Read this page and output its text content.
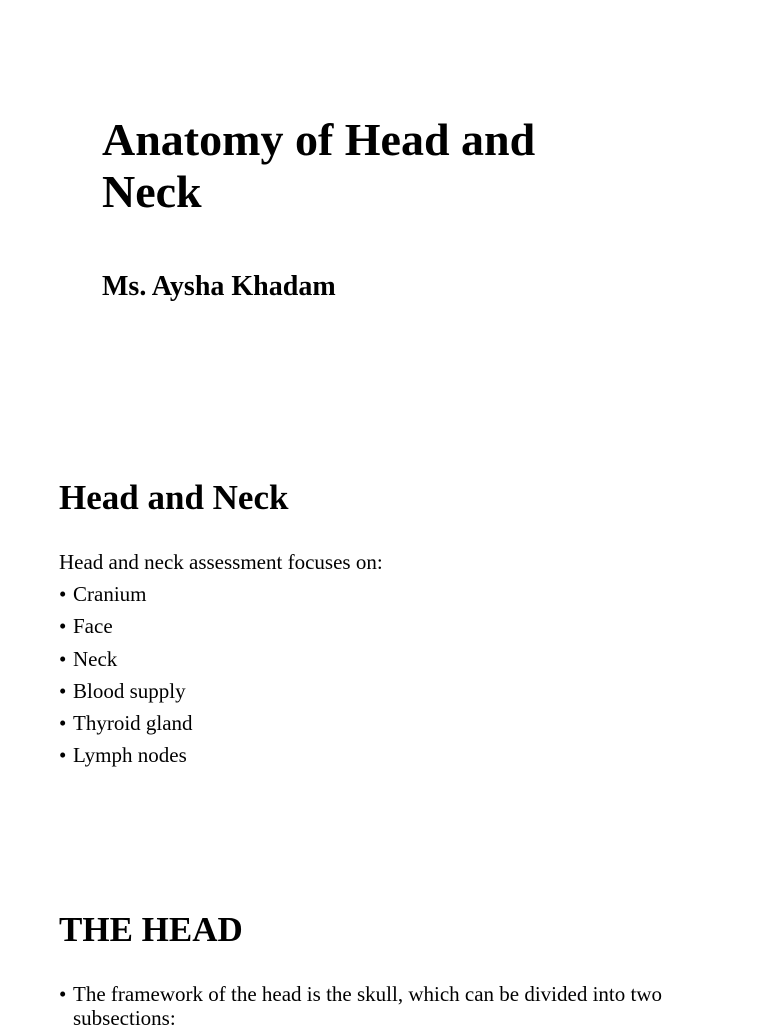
Anatomy of Head and Neck
Ms. Aysha Khadam
Head and Neck

Head and neck assessment focuses on:

• Cranium
• Face
• Neck
• Blood supply
• Thyroid gland
• Lymph nodes
THE HEAD
• The framework of the head is the skull, which can be divided into two subsections:
